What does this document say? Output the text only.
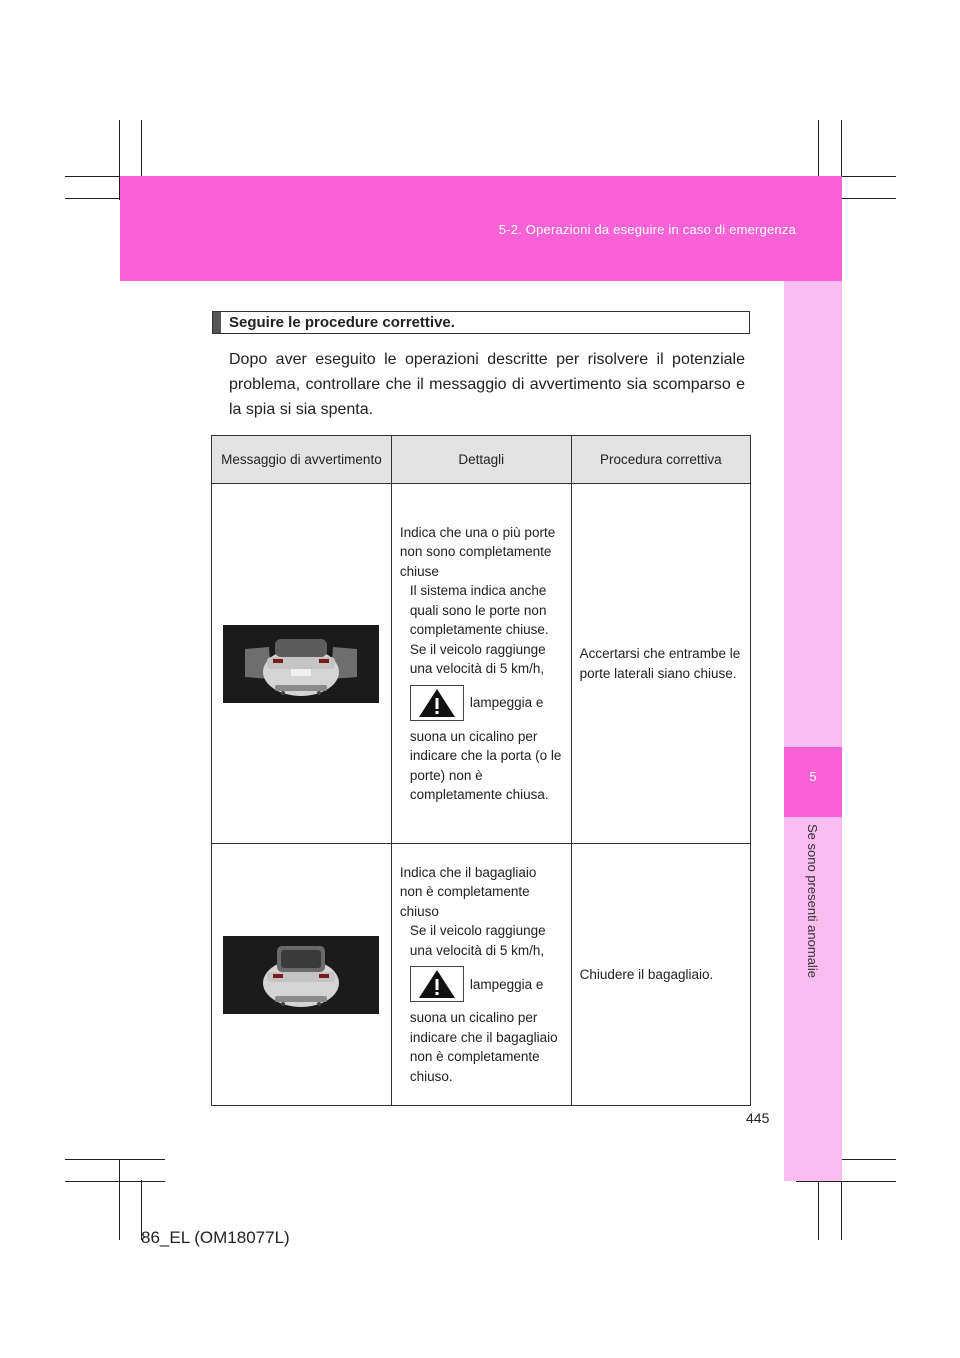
5-2. Operazioni da eseguire in caso di emergenza
5
Se sono presenti anomalie
Seguire le procedure correttive.

Dopo aver eseguito le operazioni descritte per risolvere il potenziale problema, controllare che il messaggio di avvertimento sia scomparso e la spia si sia spenta.

Messaggio di avvertimento	Dettagli	Procedura correttiva

Indica che una o più porte non sono completamente chiuse
Il sistema indica anche quali sono le porte non completamente chiuse.
Se il veicolo raggiunge una velocità di 5 km/h,
lampeggia e
suona un cicalino per indicare che la porta (o le porte) non è completamente chiusa.	Accertarsi che entrambe le porte laterali siano chiuse.

Indica che il bagagliaio non è completamente chiuso
Se il veicolo raggiunge una velocità di 5 km/h,
lampeggia e
suona un cicalino per indicare che il bagagliaio non è completamente chiuso.	Chiudere il bagagliaio.
445
86_EL (OM18077L)
